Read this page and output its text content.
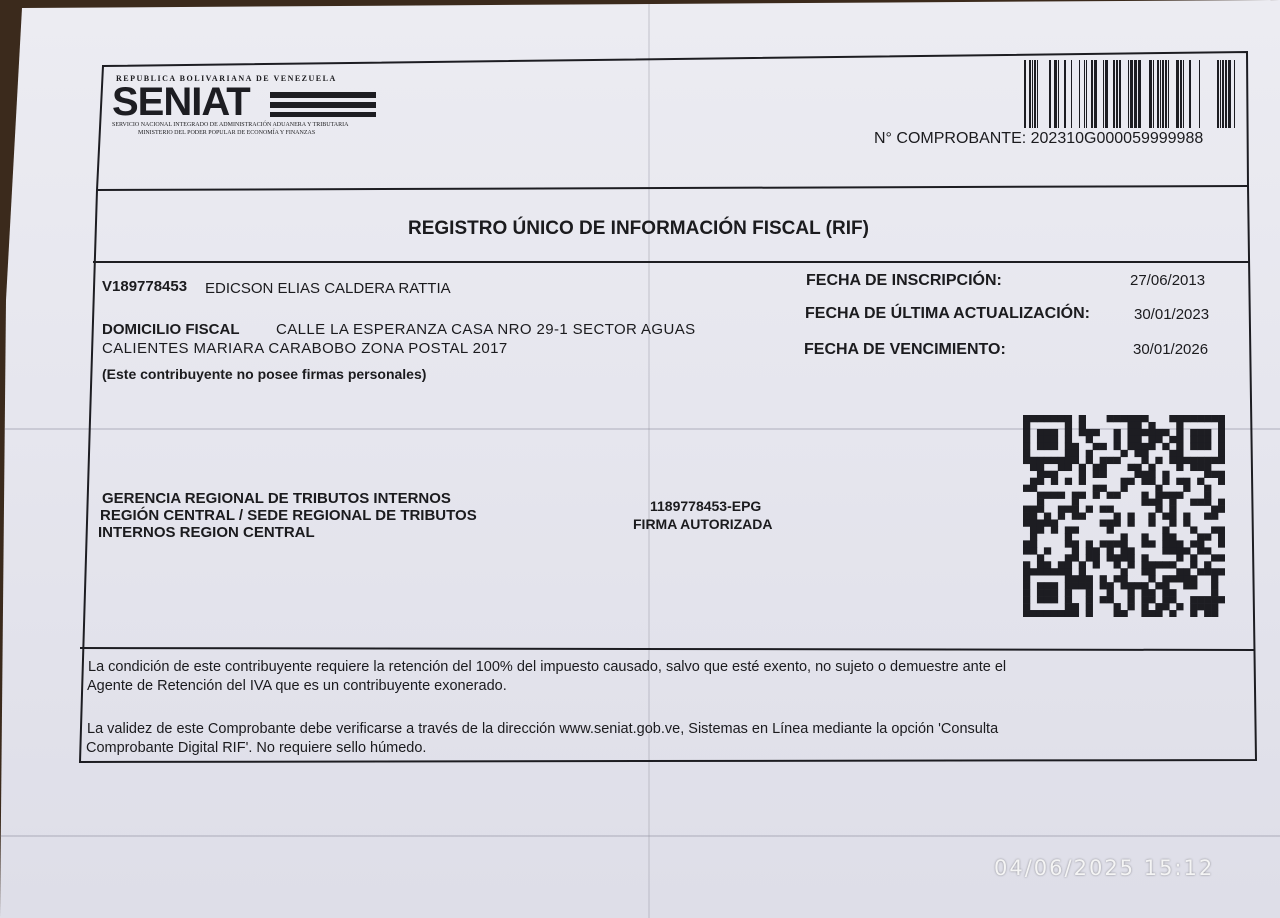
REPUBLICA BOLIVARIANA DE VENEZUELA
SENIAT
SERVICIO NACIONAL INTEGRADO DE ADMINISTRACIÓN ADUANERA Y TRIBUTARIA
MINISTERIO DEL PODER POPULAR DE ECONOMÍA Y FINANZAS	N° COMPROBANTE: 202310G000059999988
REGISTRO ÚNICO DE INFORMACIÓN FISCAL (RIF)
V189778453 EDICSON ELIAS CALDERA RATTIA
DOMICILIO FISCAL CALLE LA ESPERANZA CASA NRO 29-1 SECTOR AGUAS
CALIENTES MARIARA CARABOBO ZONA POSTAL 2017
(Este contribuyente no posee firmas personales)
FECHA DE INSCRIPCIÓN:	27/06/2013
FECHA DE ÚLTIMA ACTUALIZACIÓN:	30/01/2023
FECHA DE VENCIMIENTO:	30/01/2026
GERENCIA REGIONAL DE TRIBUTOS INTERNOS
REGIÓN CENTRAL / SEDE REGIONAL DE TRIBUTOS
INTERNOS REGION CENTRAL
1189778453-EPG
FIRMA AUTORIZADA
La condición de este contribuyente requiere la retención del 100% del impuesto causado, salvo que esté exento, no sujeto o demuestre ante el
Agente de Retención del IVA que es un contribuyente exonerado.
La validez de este Comprobante debe verificarse a través de la dirección www.seniat.gob.ve, Sistemas en Línea mediante la opción 'Consulta
Comprobante Digital RIF'. No requiere sello húmedo.
04/06/2025 15:12
